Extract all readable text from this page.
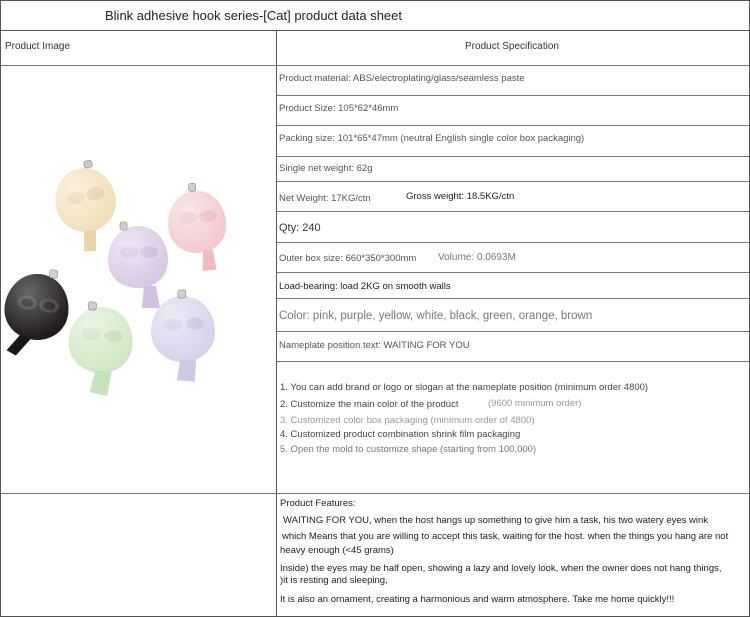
Blink adhesive hook series-[Cat] product data sheet
Product Image	Product Specification
Product material: ABS/electroplating/glass/seamless paste
Product Size: 105*62*46mm
Packing size: 101*65*47mm (neutral English single color box packaging)
Single net weight: 62g
Net Weight: 17KG/ctn	Gross weight: 18.5KG/ctn
Qty: 240
Outer box size: 660*350*300mm Volume: 0.0693M
Load-bearing: load 2KG on smooth walls
Color: pink, purple, yellow, white, black, green, orange, brown
Nameplate position text: WAITING FOR YOU
1. You can add brand or logo or slogan at the nameplate position (minimum order 4800)
2. Customize the main color of the product	(9600 minimum order)
3. Customized color box packaging (minimum order of 4800)
4. Customized product combination shrink film packaging
5. Open the mold to customize shape (starting from 100,000)
Product Features:
WAITING FOR YOU, when the host hangs up something to give him a task, his two watery eyes wink
which Means that you are willing to accept this task, waiting for the host. when the things you hang are not
heavy enough (<45 grams)
Inside) the eyes may be half open, showing a lazy and lovely look, when the owner does not hang things,
)it is resting and sleeping,
It is also an ornament, creating a harmonious and warm atmosphere. Take me home quickly!!!
